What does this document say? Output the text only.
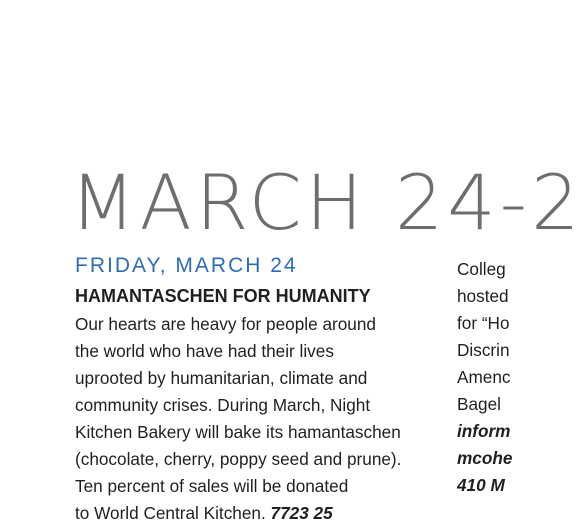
MARCH 24-2

FRIDAY, MARCH 24

HAMANTASCHEN FOR HUMANITY

Our hearts are heavy for people around
the world who have had their lives
uprooted by humanitarian, climate and
community crises. During March, Night
Kitchen Bakery will bake its hamantaschen
(chocolate, cherry, poppy seed and prune).
Ten percent of sales will be donated
to World Central Kitchen. 7723 25
Colleg
hosted
for “Ho
Discrin
Amenc
Bagel
inform
mcohe
410 M
